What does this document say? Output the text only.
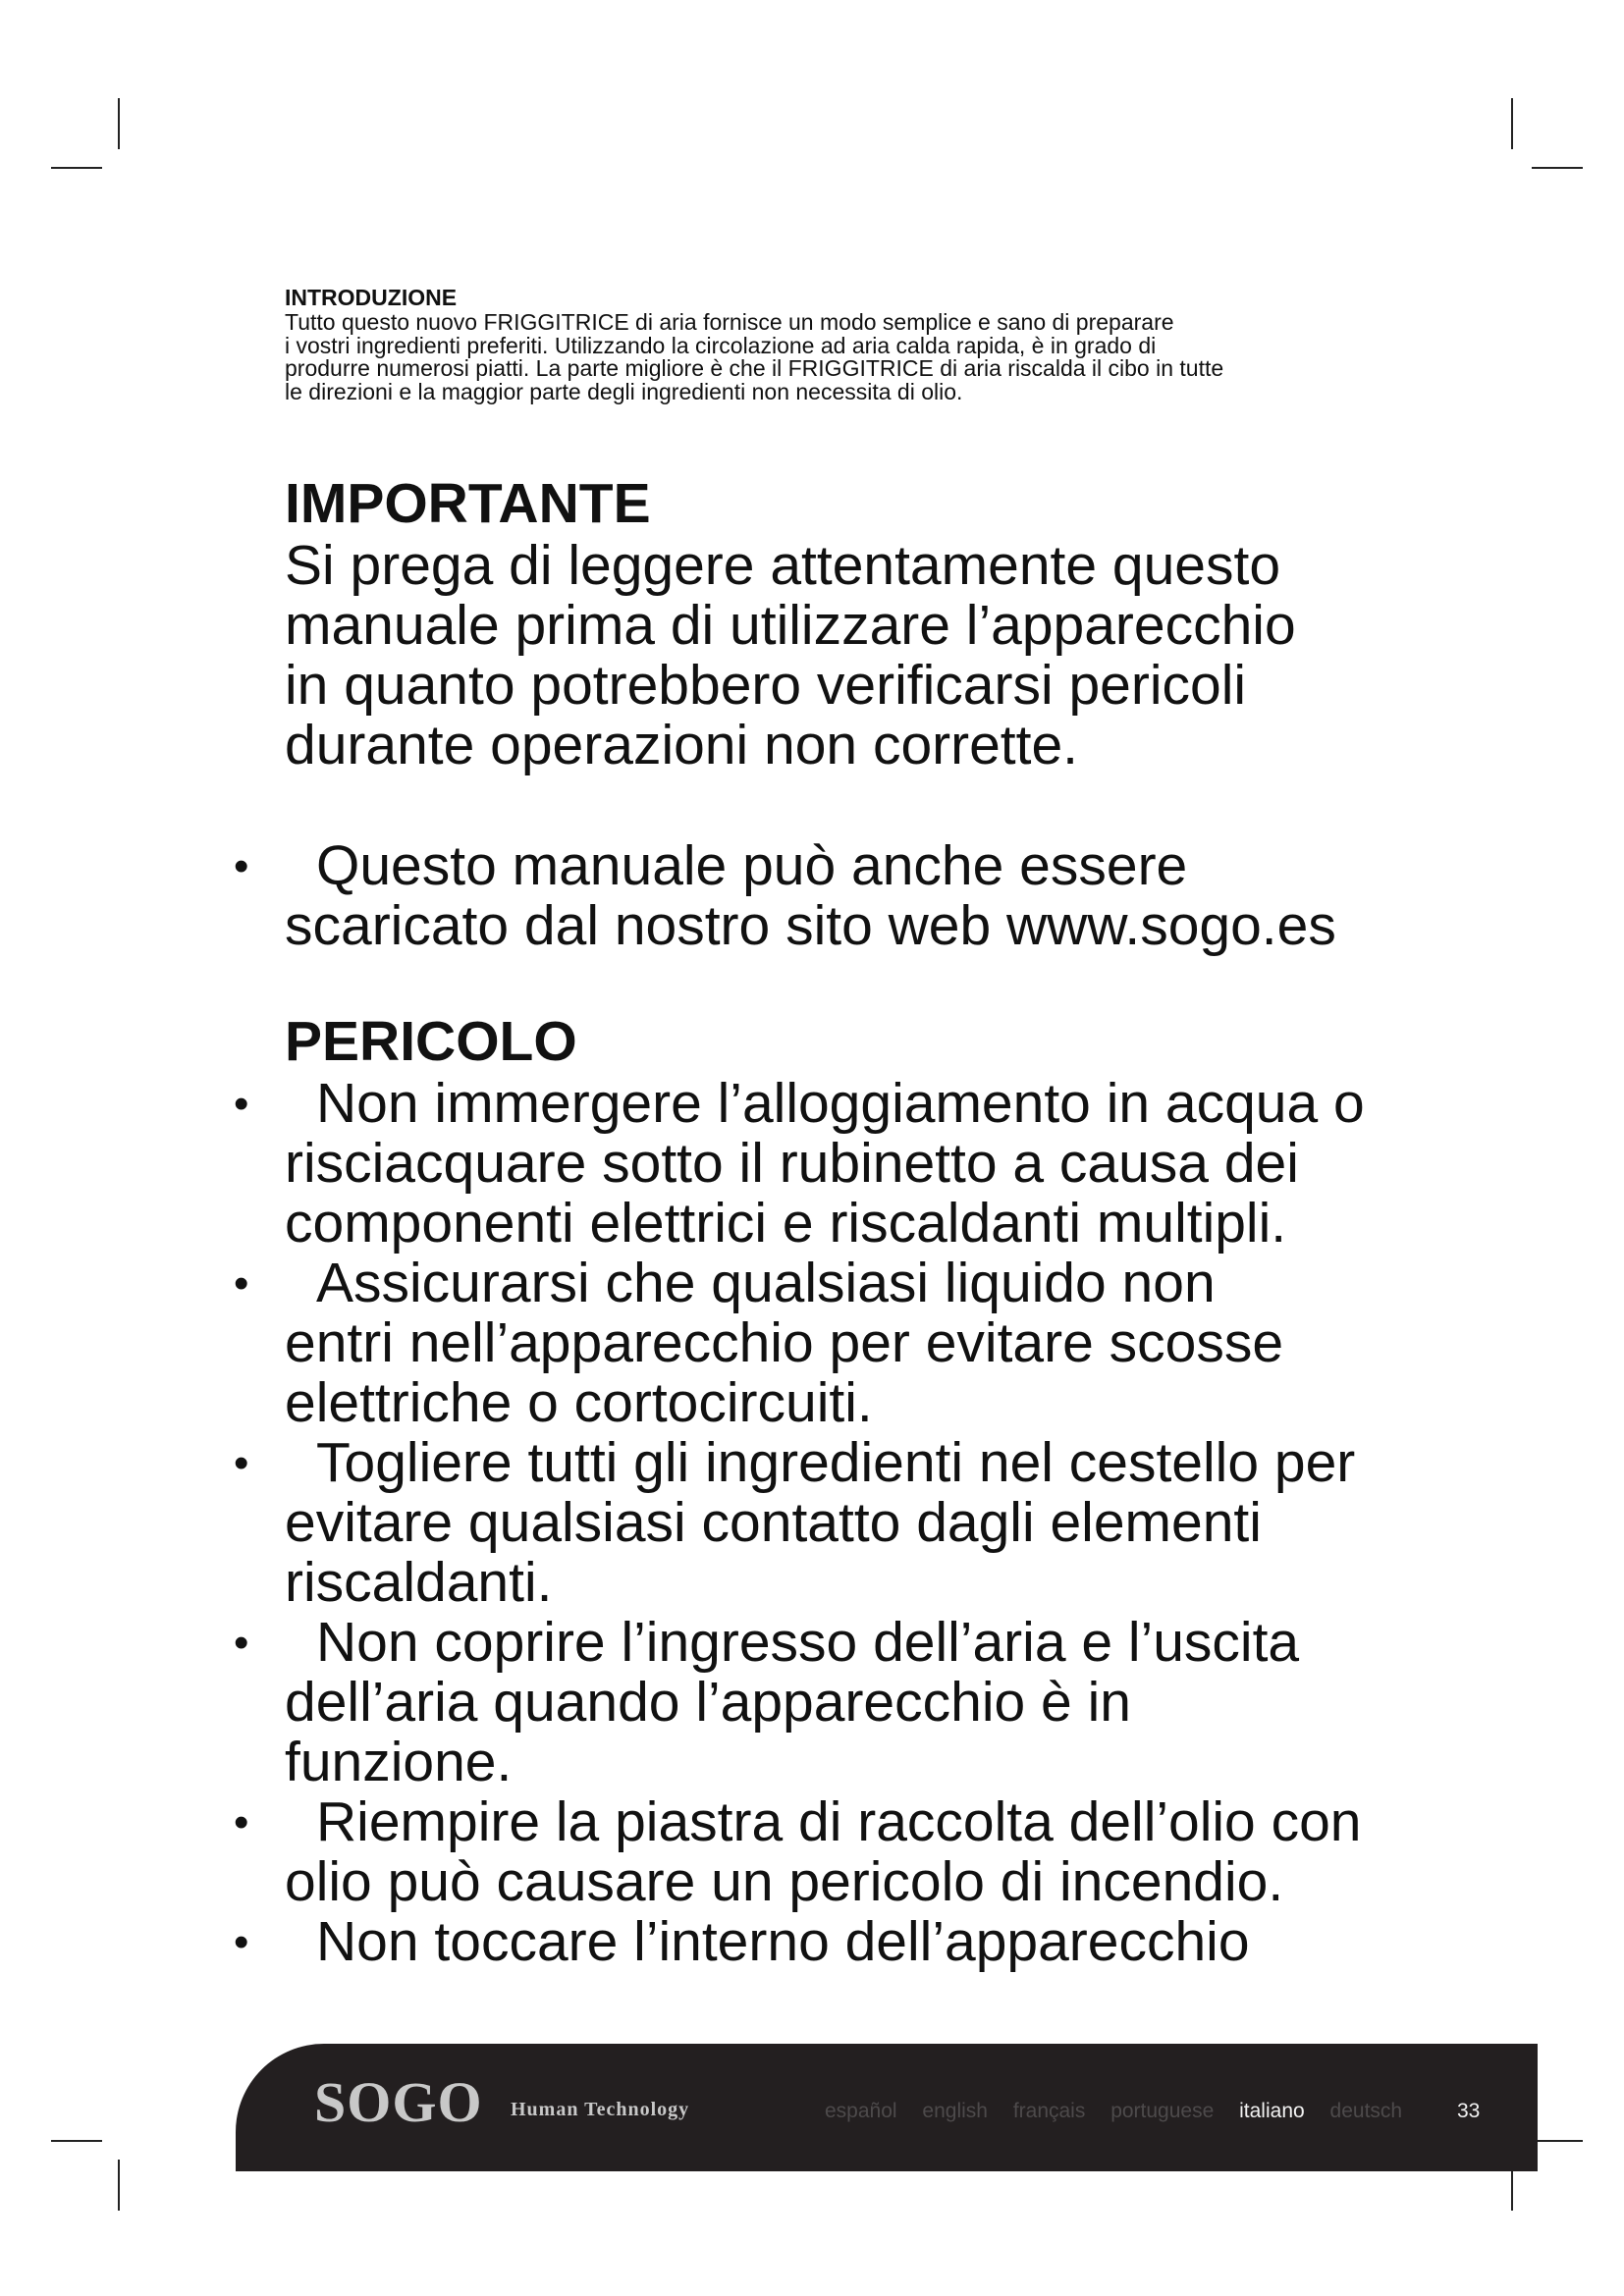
INTRODUZIONE
Tutto questo nuovo FRIGGITRICE di aria fornisce un modo semplice e sano di preparare
i vostri ingredienti preferiti. Utilizzando la circolazione ad aria calda rapida, è in grado di
produrre numerosi piatti. La parte migliore è che il FRIGGITRICE di aria riscalda il cibo in tutte
le direzioni e la maggior parte degli ingredienti non necessita di olio.
IMPORTANTE
Si prega di leggere attentamente questo
manuale prima di utilizzare l’apparecchio
in quanto potrebbero verificarsi pericoli
durante operazioni non corrette.
•	Questo manuale può anche essere
scaricato dal nostro sito web www.sogo.es
PERICOLO
•	Non immergere l’alloggiamento in acqua o
risciacquare sotto il rubinetto a causa dei
componenti elettrici e riscaldanti multipli.
•	Assicurarsi che qualsiasi liquido non
entri nell’apparecchio per evitare scosse
elettriche o cortocircuiti.
•	Togliere tutti gli ingredienti nel cestello per
evitare qualsiasi contatto dagli elementi
riscaldanti.
•	Non coprire l’ingresso dell’aria e l’uscita
dell’aria quando l’apparecchio è in
funzione.
•	Riempire la piastra di raccolta dell’olio con
olio può causare un pericolo di incendio.
•	Non toccare l’interno dell’apparecchio
SOGO Human Technology	español english français portuguese italiano deutsch	33
